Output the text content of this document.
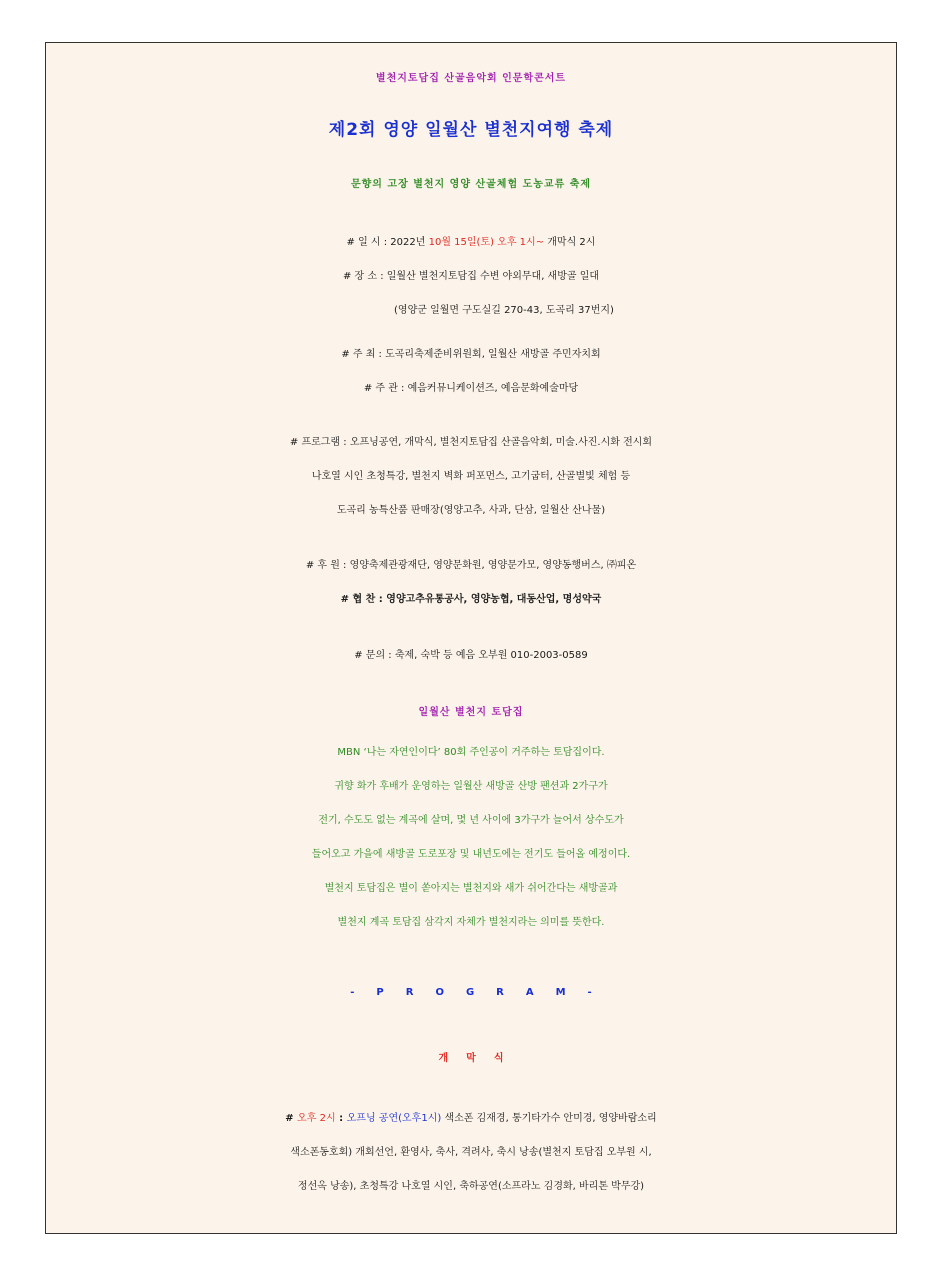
별천지토담집 산골음악회 인문학콘서트
제2회 영양 일월산 별천지여행 축제
문향의 고장 별천지 영양 산골체험 도농교류 축제
# 일 시 : 2022년 10월 15일(토) 오후 1시~ 개막식 2시
# 장 소 : 일월산 별천지토담집 수변 야외무대, 새방골 일대
(영양군 일월면 구도실길 270-43, 도곡리 37번지)
# 주 최 : 도곡리축제준비위원회, 일월산 새방골 주민자치회
# 주 관 : 예음커뮤니케이션즈, 예음문화예술마당
# 프로그램 : 오프닝공연, 개막식, 별천지토담집 산골음악회, 미술.사진.시화 전시회
나호열 시인 초청특강, 별천지 벽화 퍼포먼스, 고기굽터, 산골별빛 체험 등
도곡리 농특산품 판매장(영양고추, 사과, 단삼, 일월산 산나물)
# 후 원 : 영양축제관광재단, 영양문화원, 영양문가모, 영양동행버스, ㈜피온
# 협 찬 : 영양고추유통공사, 영양농협, 대동산업, 명성약국
# 문의 : 축제, 숙박 등 예음 오부원 010-2003-0589
일월산 별천지 토담집
MBN ‘나는 자연인이다’ 80회 주인공이 거주하는 토담집이다.
귀향 화가 후배가 운영하는 일월산 새방골 산방 팬션과 2가구가
전기, 수도도 없는 계곡에 살며, 몇 년 사이에 3가구가 늘어서 상수도가
들어오고 가을에 새방골 도로포장 및 내년도에는 전기도 들어올 예정이다.
별천지 토담집은 별이 쏟아지는 별천지와 새가 쉬어간다는 새방골과
별천지 계곡 토담집 삼각지 자체가 별천지라는 의미를 뜻한다.
-PROGRAM-
개막식
# 오후 2시 : 오프닝 공연(오후1시) 색소폰 김재경, 통기타가수 안미경, 영양바람소리
색소폰동호회) 개회선언, 환영사, 축사, 격려사, 축시 낭송(별천지 토담집 오부원 시,
정선옥 낭송), 초청특강 나호열 시인, 축하공연(소프라노 김경화, 바리톤 박무강)
